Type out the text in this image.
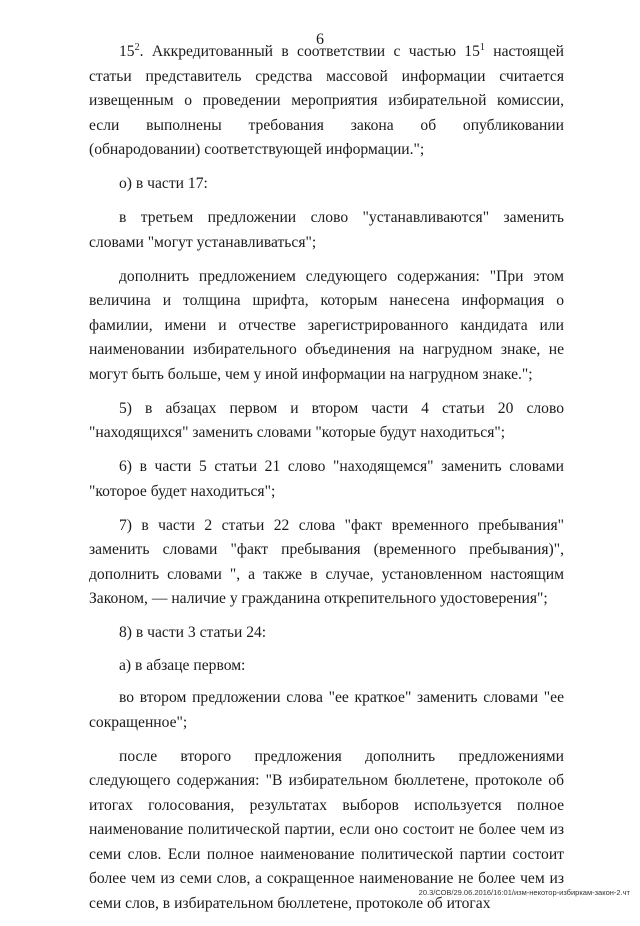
6

$15^2$. Аккредитованный в соответствии с частью $15^1$ настоящей статьи представитель средства массовой информации считается извещенным о проведении мероприятия избирательной комиссии, если выполнены требования закона об опубликовании (обнародовании) соответствующей информации.";

о) в части 17:

в третьем предложении слово "устанавливаются" заменить словами "могут устанавливаться";

дополнить предложением следующего содержания: "При этом величина и толщина шрифта, которым нанесена информация о фамилии, имени и отчестве зарегистрированного кандидата или наименовании избирательного объединения на нагрудном знаке, не могут быть больше, чем у иной информации на нагрудном знаке.";

5) в абзацах первом и втором части 4 статьи 20 слово "находящихся" заменить словами "которые будут находиться";

6) в части 5 статьи 21 слово "находящемся" заменить словами "которое будет находиться";

7) в части 2 статьи 22 слова "факт временного пребывания" заменить словами "факт пребывания (временного пребывания)", дополнить словами ", а также в случае, установленном настоящим Законом, — наличие у гражданина открепительного удостоверения";

8) в части 3 статьи 24:

а) в абзаце первом:

во втором предложении слова "ее краткое" заменить словами "ее сокращенное";

после второго предложения дополнить предложениями следующего содержания: "В избирательном бюллетене, протоколе об итогах голосования, результатах выборов используется полное наименование политической партии, если оно состоит не более чем из семи слов. Если полное наименование политической партии состоит более чем из семи слов, а сокращенное наименование не более чем из семи слов, в избирательном бюллетене, протоколе об итогах

20.3/СОВ/29.06.2016/16:01/изм-некотор-избиркам-закон-2.чт
